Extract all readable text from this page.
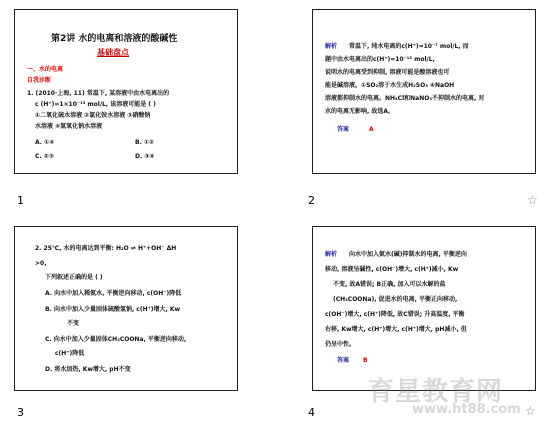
第2讲 水的电离和溶液的酸碱性
基础盘点
一、水的电离
自我诊断
1. (2010·上海, 11) 常温下, 某溶液中由水电离出的
c (H⁺)=1×10⁻¹³ mol/L, 该溶液可能是 ( )
①二氧化硫水溶液 ②氯化铵水溶液 ③硝酸钠
水溶液 ④氢氧化钠水溶液
A. ①④	B. ①②
C. ②③	D. ③④
1
解析 常温下, 纯水电离的c(H⁺)=10⁻⁷ mol/L, 而
题中由水电离出的c(H⁺)=10⁻¹³ mol/L,
说明水的电离受到抑制, 溶液可能是酸溶液也可
能是碱溶液。①SO₂溶于水生成H₂SO₃ ④NaOH
溶液都抑制水的电离。NH₄Cl和NaNO₃不抑制水的电离, 对
水的电离无影响, 故选A。
答案	A
2	☆
2. 25℃, 水的电离达到平衡: H₂O ⇌ H⁺+OH⁻ ΔH
>0,
下列叙述正确的是 ( )
A. 向水中加入稀氨水, 平衡逆向移动, c(OH⁻)降低
B. 向水中加入少量固体硫酸氢钠, c(H⁺)增大, Kw
不变
C. 向水中加入少量固体CH₃COONa, 平衡逆向移动,
c(H⁺)降低
D. 将水加热, Kw增大, pH不变
3
解析 向水中加入氨水(碱)抑制水的电离, 平衡逆向
移动, 溶液呈碱性, c(OH⁻)增大, c(H⁺)减小, Kw
不变, 故A错误; B正确, 加入可以水解的盐
(CH₃COONa), 促进水的电离, 平衡正向移动,
c(OH⁻)增大, c(H⁺)降低, 故C错误; 升高温度, 平衡
右移, Kw增大, c(H⁺)增大, c(H⁺)增大, pH减小, 但
仍呈中性。
答案 B
4	☆
育星教育网
www.ht88.com
